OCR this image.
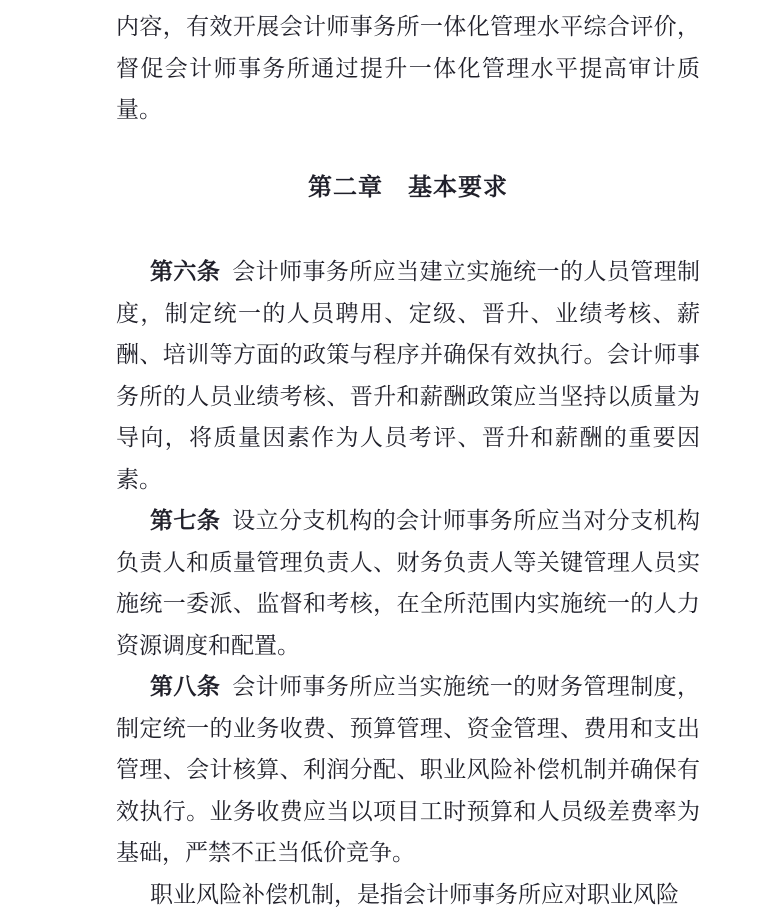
内容，有效开展会计师事务所一体化管理水平综合评价，督促会计师事务所通过提升一体化管理水平提高审计质量。

第二章　基本要求

第六条 会计师事务所应当建立实施统一的人员管理制度，制定统一的人员聘用、定级、晋升、业绩考核、薪酬、培训等方面的政策与程序并确保有效执行。会计师事务所的人员业绩考核、晋升和薪酬政策应当坚持以质量为导向，将质量因素作为人员考评、晋升和薪酬的重要因素。

第七条 设立分支机构的会计师事务所应当对分支机构负责人和质量管理负责人、财务负责人等关键管理人员实施统一委派、监督和考核，在全所范围内实施统一的人力资源调度和配置。

第八条 会计师事务所应当实施统一的财务管理制度，制定统一的业务收费、预算管理、资金管理、费用和支出管理、会计核算、利润分配、职业风险补偿机制并确保有效执行。业务收费应当以项目工时预算和人员级差费率为基础，严禁不正当低价竞争。

职业风险补偿机制，是指会计师事务所应对职业风险
